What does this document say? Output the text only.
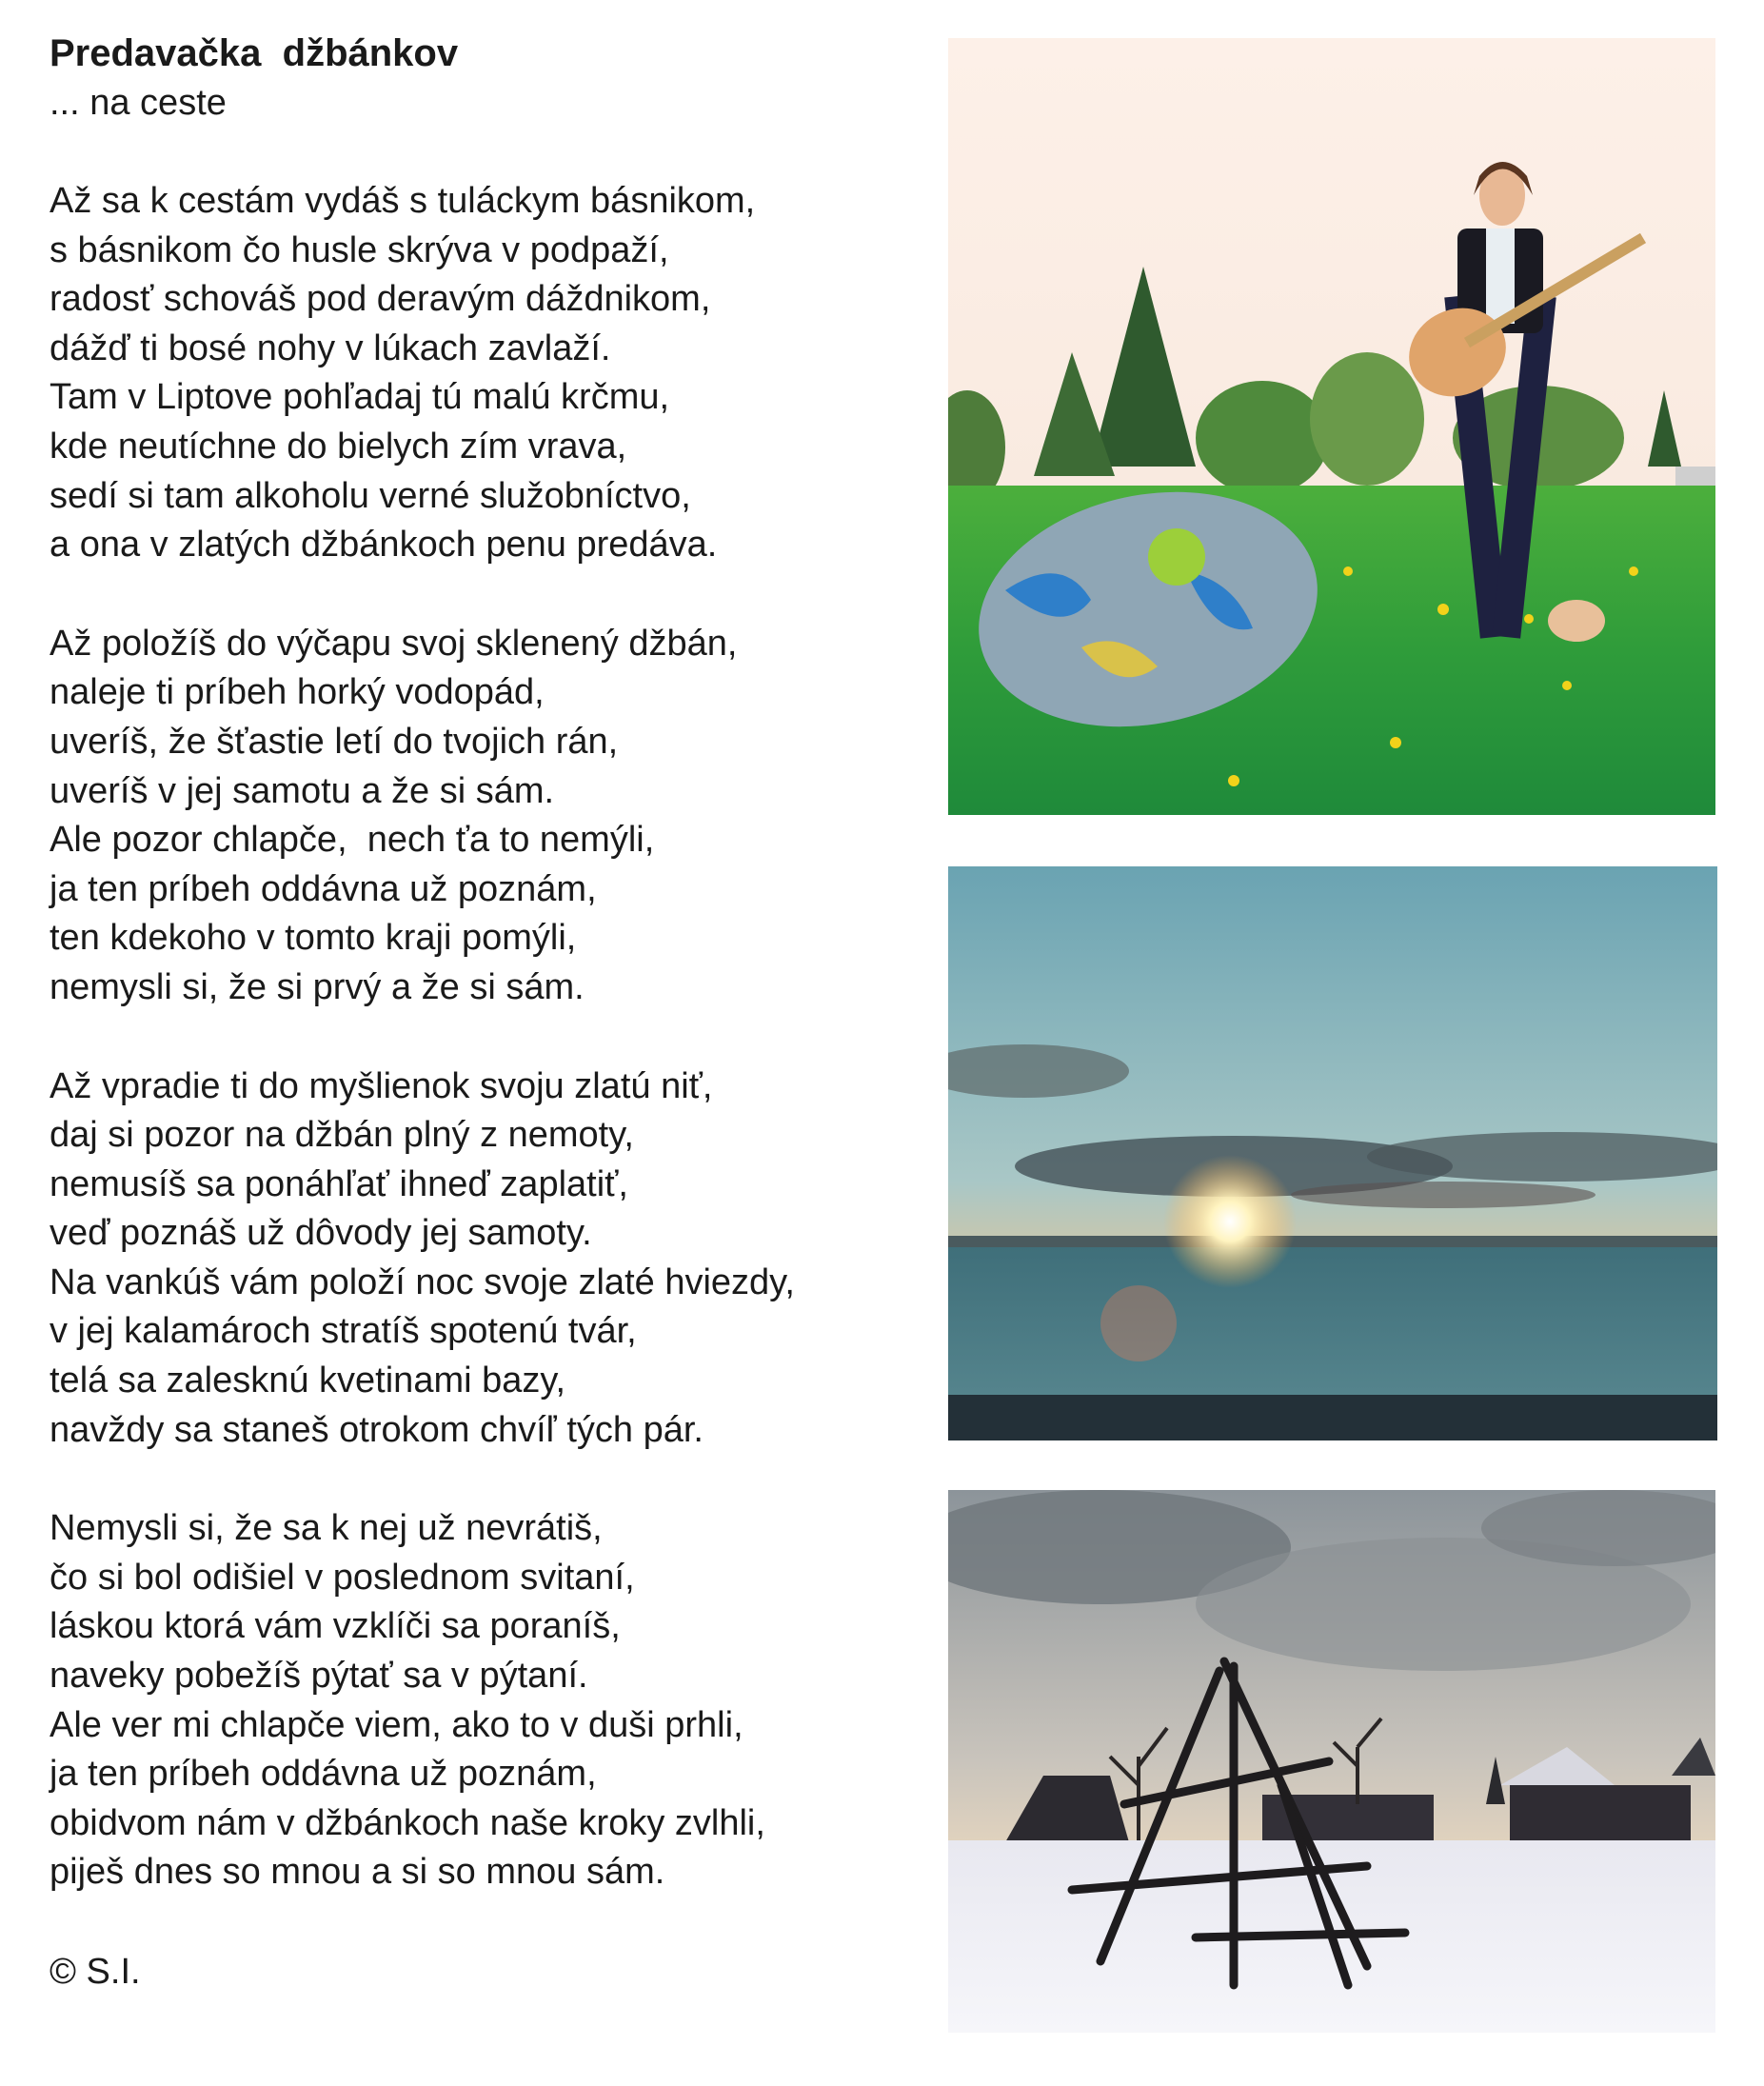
Predavačka  džbánkov
... na ceste
Až sa k cestám vydáš s tuláckym básnikom,
s básnikom čo husle skrýva v podpaží,
radosť schováš pod deravým dáždnikom,
dážď ti bosé nohy v lúkach zavlaží.
Tam v Liptove pohľadaj tú malú krčmu,
kde neutíchne do bielych zím vrava,
sedí si tam alkoholu verné služobníctvo,
a ona v zlatých džbánkoch penu predáva.
Až položíš do výčapu svoj sklenený džbán,
naleje ti príbeh horký vodopád,
uveríš, že šťastie letí do tvojich rán,
uveríš v jej samotu a že si sám.
Ale pozor chlapče,  nech ťa to nemýli,
ja ten príbeh oddávna už poznám,
ten kdekoho v tomto kraji pomýli,
nemysli si, že si prvý a že si sám.
Až vpradie ti do myšlienok svoju zlatú niť,
daj si pozor na džbán plný z nemoty,
nemusíš sa ponáhľať ihneď zaplatiť,
veď poznáš už dôvody jej samoty.
Na vankúš vám položí noc svoje zlaté hviezdy,
v jej kalamároch stratíš spotenú tvár,
telá sa zalesknú kvetinami bazy,
navždy sa staneš otrokom chvíľ tých pár.
Nemysli si, že sa k nej už nevrátiš,
čo si bol odišiel v poslednom svitaní,
láskou ktorá vám vzklíči sa poraníš,
naveky pobežíš pýtať sa v pýtaní.
Ale ver mi chlapče viem, ako to v duši prhli,
ja ten príbeh oddávna už poznám,
obidvom nám v džbánkoch naše kroky zvlhli,
piješ dnes so mnou a si so mnou sám.
© S.I.
